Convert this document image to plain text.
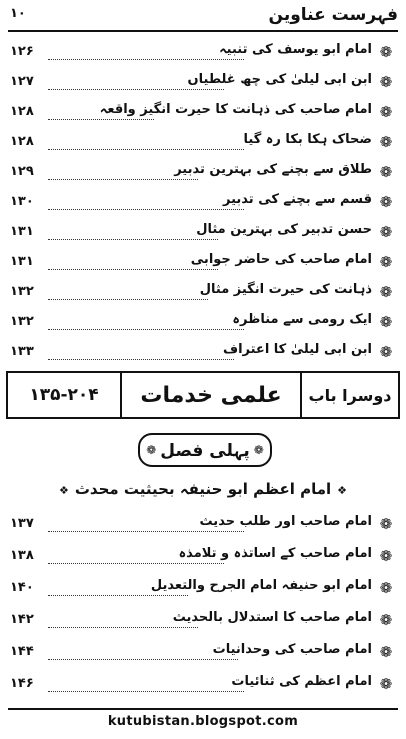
فہرست عناوین
۱۰
❁
امام ابو یوسف کی تنبیہ
۱۲۶
❁
ابن ابی لیلیٰ کی چھ غلطیاں
۱۲۷
❁
امام صاحب کی ذہانت کا حیرت انگیز واقعہ
۱۲۸
❁
ضحاک ہکا بکا رہ گیا
۱۲۸
❁
طلاق سے بچنے کی بہترین تدبیر
۱۲۹
❁
قسم سے بچنے کی تدبیر
۱۳۰
❁
حسن تدبیر کی بہترین مثال
۱۳۱
❁
امام صاحب کی حاضر جوابی
۱۳۱
❁
ذہانت کی حیرت انگیز مثال
۱۳۲
❁
ایک رومی سے مناظرہ
۱۳۲
❁
ابن ابی لیلیٰ کا اعتراف
۱۳۳
دوسرا باب
علمی خدمات
۱۳۵-۲۰۴
❁
پہلی فصل
❁
❖امام اعظم ابو حنیفہ بحیثیت محدث❖
❁
امام صاحب اور طلب حدیث
۱۳۷
❁
امام صاحب کے اساتذہ و تلامذہ
۱۳۸
❁
امام ابو حنیفہ امام الجرح والتعدیل
۱۴۰
❁
امام صاحب کا استدلال بالحدیث
۱۴۲
❁
امام صاحب کی وحدانیات
۱۴۴
❁
امام اعظم کی ثنائیات
۱۴۶
kutubistan.blogspot.com
